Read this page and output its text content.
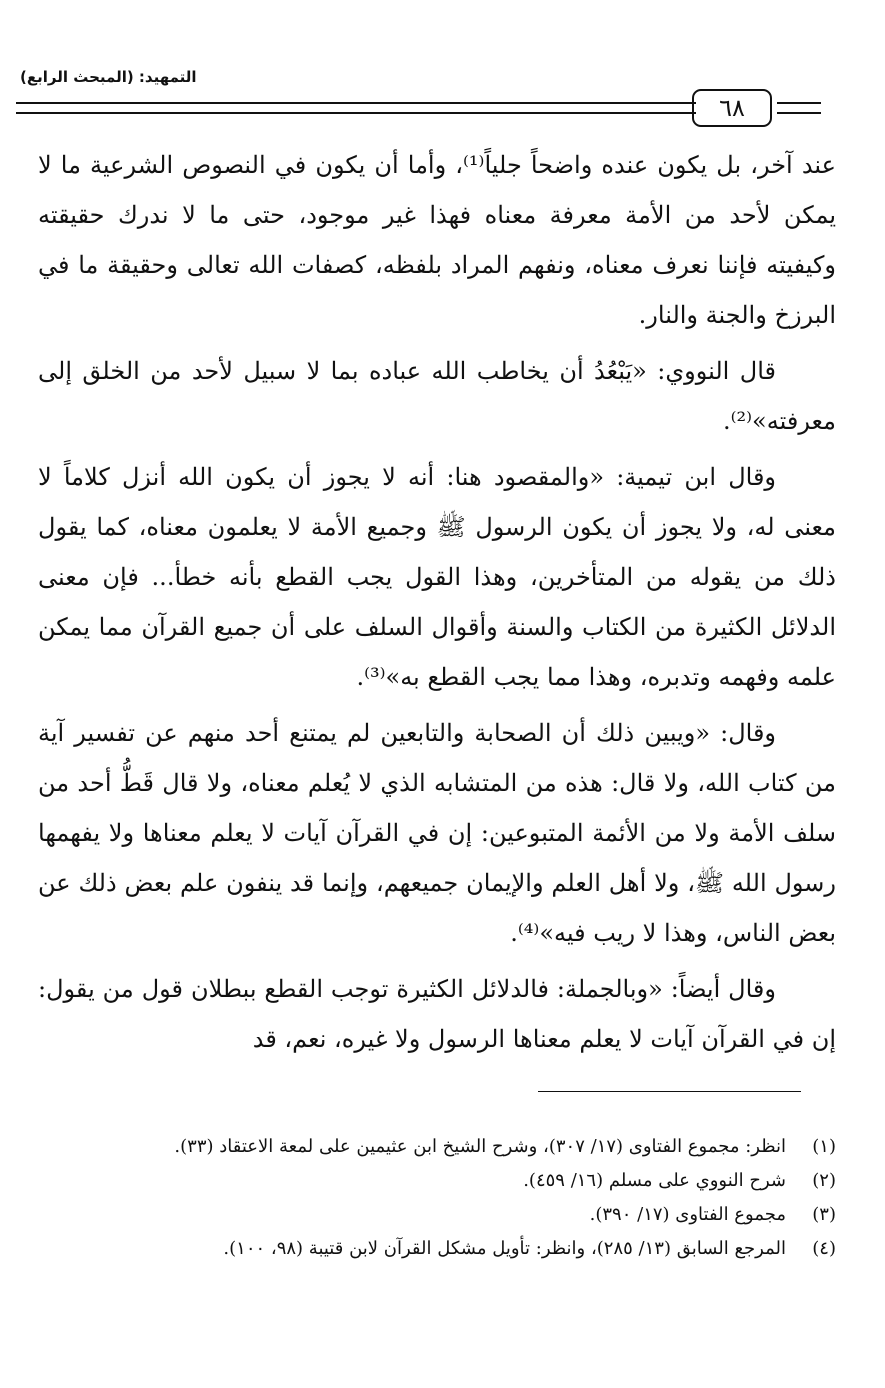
التمهيد: (المبحث الرابع)
٦٨

عند آخر، بل يكون عنده واضحاً جلياً⁽¹⁾، وأما أن يكون في النصوص الشرعية ما لا يمكن لأحد من الأمة معرفة معناه فهذا غير موجود، حتى ما لا ندرك حقيقته وكيفيته فإننا نعرف معناه، ونفهم المراد بلفظه، كصفات الله تعالى وحقيقة ما في البرزخ والجنة والنار.

قال النووي: «يَبْعُدُ أن يخاطب الله عباده بما لا سبيل لأحد من الخلق إلى معرفته»⁽²⁾.

وقال ابن تيمية: «والمقصود هنا: أنه لا يجوز أن يكون الله أنزل كلاماً لا معنى له، ولا يجوز أن يكون الرسول ﷺ وجميع الأمة لا يعلمون معناه، كما يقول ذلك من يقوله من المتأخرين، وهذا القول يجب القطع بأنه خطأ... فإن معنى الدلائل الكثيرة من الكتاب والسنة وأقوال السلف على أن جميع القرآن مما يمكن علمه وفهمه وتدبره، وهذا مما يجب القطع به»⁽³⁾.

وقال: «ويبين ذلك أن الصحابة والتابعين لم يمتنع أحد منهم عن تفسير آية من كتاب الله، ولا قال: هذه من المتشابه الذي لا يُعلم معناه، ولا قال قَطُّ أحد من سلف الأمة ولا من الأئمة المتبوعين: إن في القرآن آيات لا يعلم معناها ولا يفهمها رسول الله ﷺ، ولا أهل العلم والإيمان جميعهم، وإنما قد ينفون علم بعض ذلك عن بعض الناس، وهذا لا ريب فيه»⁽⁴⁾.

وقال أيضاً: «وبالجملة: فالدلائل الكثيرة توجب القطع ببطلان قول من يقول: إن في القرآن آيات لا يعلم معناها الرسول ولا غيره، نعم، قد

(١)
انظر: مجموع الفتاوى (١٧/ ٣٠٧)، وشرح الشيخ ابن عثيمين على لمعة الاعتقاد (٣٣).
(٢)
شرح النووي على مسلم (١٦/ ٤٥٩).
(٣)
مجموع الفتاوى (١٧/ ٣٩٠).
(٤)
المرجع السابق (١٣/ ٢٨٥)، وانظر: تأويل مشكل القرآن لابن قتيبة (٩٨، ١٠٠).
